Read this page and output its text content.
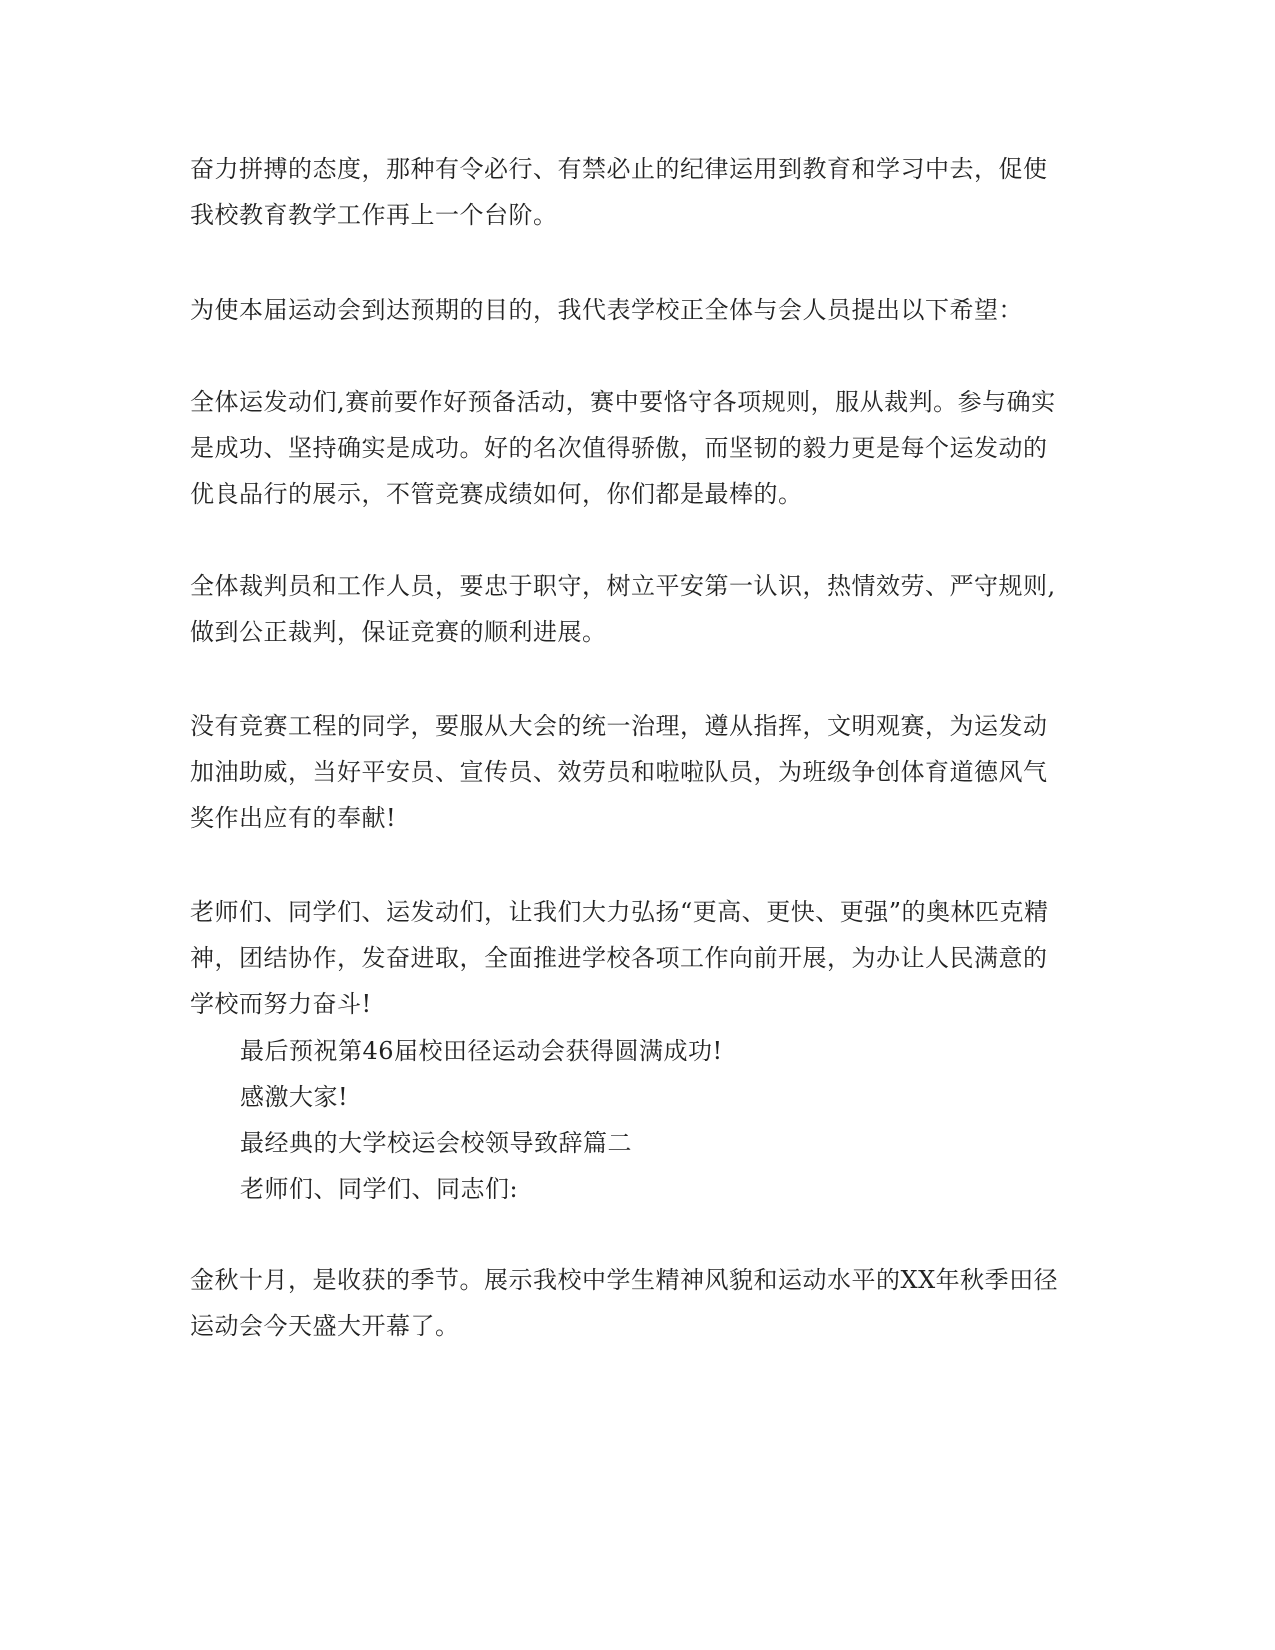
奋力拼搏的态度，那种有令必行、有禁必止的纪律运用到教育和学习中去，促使
我校教育教学工作再上一个台阶。
为使本届运动会到达预期的目的，我代表学校正全体与会人员提出以下希望：
全体运发动们,赛前要作好预备活动，赛中要恪守各项规则，服从裁判。参与确实
是成功、坚持确实是成功。好的名次值得骄傲，而坚韧的毅力更是每个运发动的
优良品行的展示，不管竞赛成绩如何，你们都是最棒的。
全体裁判员和工作人员，要忠于职守，树立平安第一认识，热情效劳、严守规则,
做到公正裁判，保证竞赛的顺利进展。
没有竞赛工程的同学，要服从大会的统一治理，遵从指挥，文明观赛，为运发动
加油助威，当好平安员、宣传员、效劳员和啦啦队员，为班级争创体育道德风气
奖作出应有的奉献!
老师们、同学们、运发动们，让我们大力弘扬“更高、更快、更强”的奥林匹克精
神，团结协作，发奋进取，全面推进学校各项工作向前开展，为办让人民满意的
学校而努力奋斗!
最后预祝第46届校田径运动会获得圆满成功!
感激大家!
最经典的大学校运会校领导致辞篇二
老师们、同学们、同志们:
金秋十月，是收获的季节。展示我校中学生精神风貌和运动水平的XX年秋季田径
运动会今天盛大开幕了。
